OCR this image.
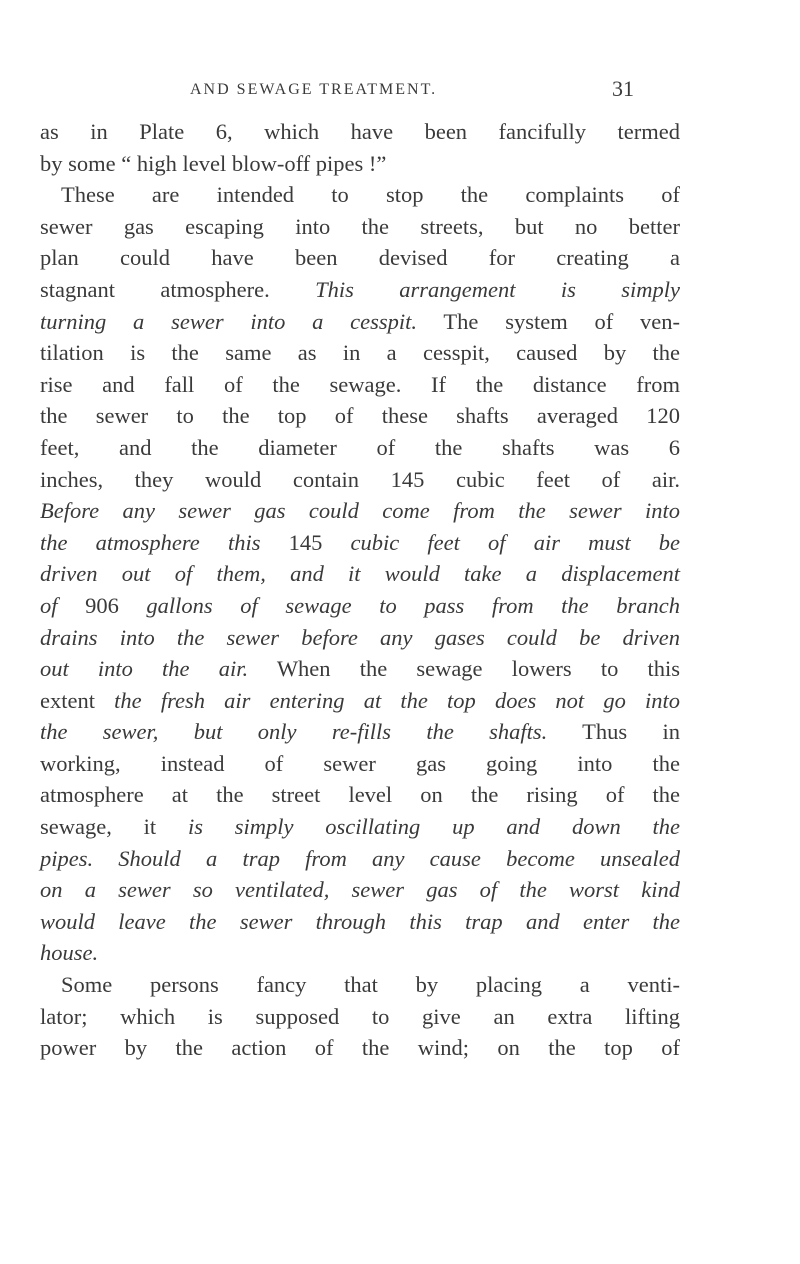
AND SEWAGE TREATMENT.	31
as in Plate 6, which have been fancifully termed
by some “ high level blow-off pipes !”
These are intended to stop the complaints of
sewer gas escaping into the streets, but no better
plan could have been devised for creating a
stagnant atmosphere. This arrangement is simply
turning a sewer into a cesspit. The system of ven-
tilation is the same as in a cesspit, caused by the
rise and fall of the sewage. If the distance from
the sewer to the top of these shafts averaged 120
feet, and the diameter of the shafts was 6
inches, they would contain 145 cubic feet of air.
Before any sewer gas could come from the sewer into
the atmosphere this 145 cubic feet of air must be
driven out of them, and it would take a displacement
of 906 gallons of sewage to pass from the branch
drains into the sewer before any gases could be driven
out into the air. When the sewage lowers to this
extent the fresh air entering at the top does not go into
the sewer, but only re-fills the shafts. Thus in
working, instead of sewer gas going into the
atmosphere at the street level on the rising of the
sewage, it is simply oscillating up and down the
pipes. Should a trap from any cause become unsealed
on a sewer so ventilated, sewer gas of the worst kind
would leave the sewer through this trap and enter the
house.
Some persons fancy that by placing a venti-
lator; which is supposed to give an extra lifting
power by the action of the wind; on the top of
